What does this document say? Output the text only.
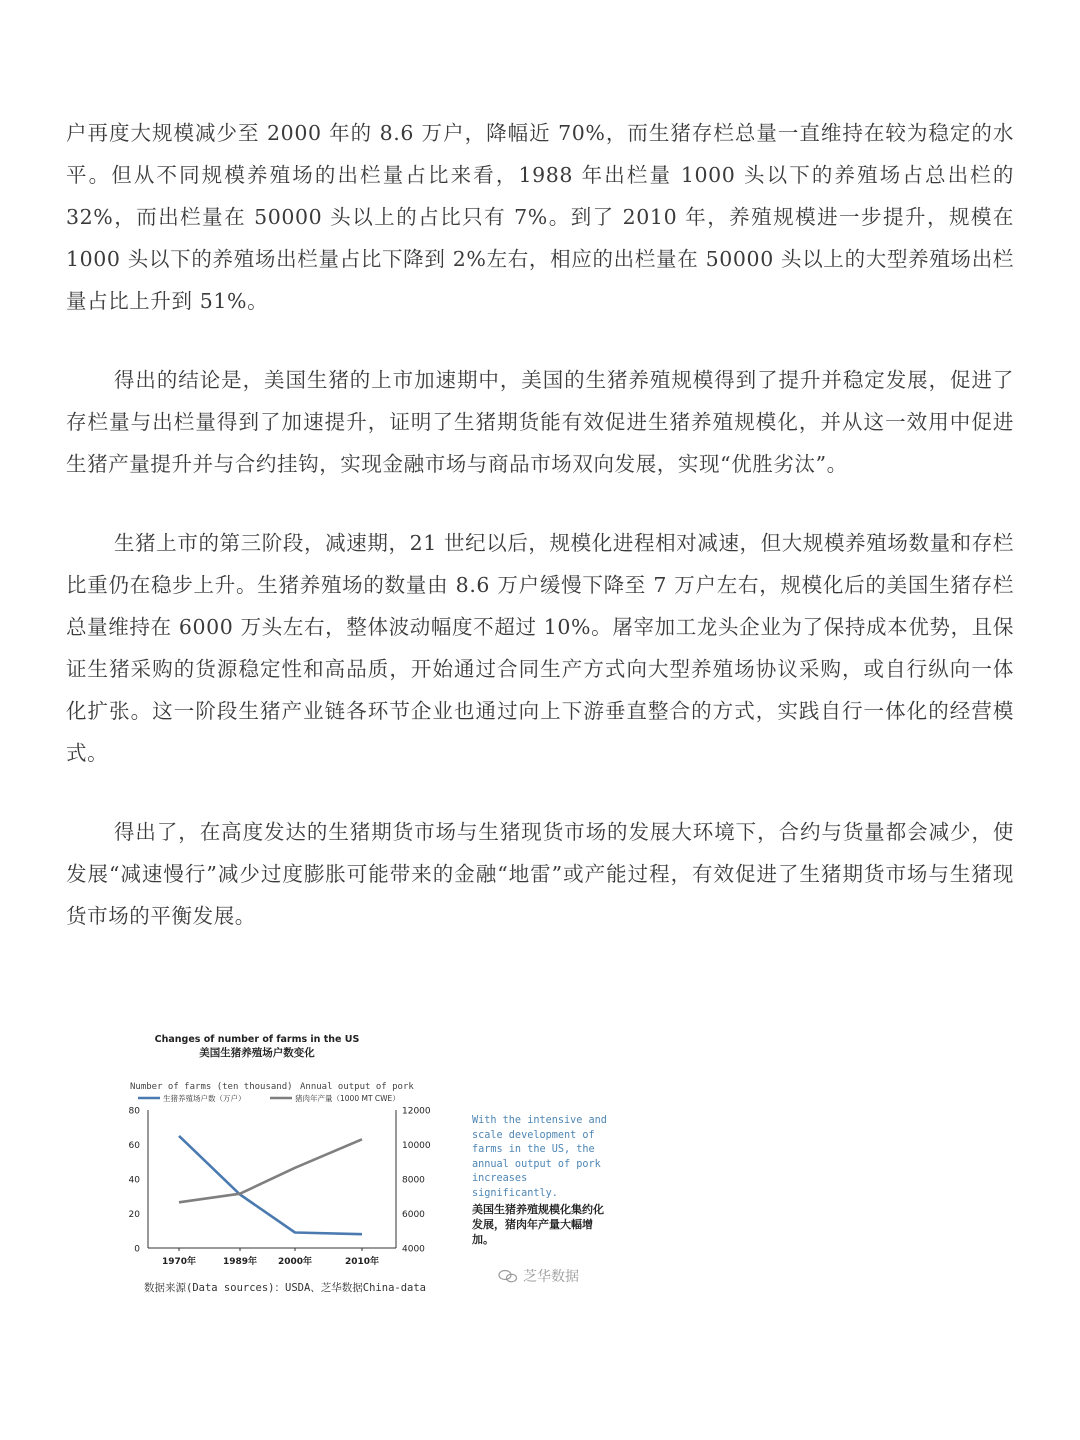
户再度大规模减少至 2000 年的 8.6 万户，降幅近 70%，而生猪存栏总量一直维持在较为稳定的水平。但从不同规模养殖场的出栏量占比来看，1988 年出栏量 1000 头以下的养殖场占总出栏的 32%，而出栏量在 50000 头以上的占比只有 7%。到了 2010 年，养殖规模进一步提升，规模在 1000 头以下的养殖场出栏量占比下降到 2%左右，相应的出栏量在 50000 头以上的大型养殖场出栏量占比上升到 51%。

得出的结论是，美国生猪的上市加速期中，美国的生猪养殖规模得到了提升并稳定发展，促进了存栏量与出栏量得到了加速提升，证明了生猪期货能有效促进生猪养殖规模化，并从这一效用中促进生猪产量提升并与合约挂钩，实现金融市场与商品市场双向发展，实现“优胜劣汰”。

生猪上市的第三阶段，减速期，21 世纪以后，规模化进程相对减速，但大规模养殖场数量和存栏比重仍在稳步上升。生猪养殖场的数量由 8.6 万户缓慢下降至 7 万户左右，规模化后的美国生猪存栏总量维持在 6000 万头左右，整体波动幅度不超过 10%。屠宰加工龙头企业为了保持成本优势，且保证生猪采购的货源稳定性和高品质，开始通过合同生产方式向大型养殖场协议采购，或自行纵向一体化扩张。这一阶段生猪产业链各环节企业也通过向上下游垂直整合的方式，实践自行一体化的经营模式。

得出了，在高度发达的生猪期货市场与生猪现货市场的发展大环境下，合约与货量都会减少，使发展“减速慢行”减少过度膨胀可能带来的金融“地雷”或产能过程，有效促进了生猪期货市场与生猪现货市场的平衡发展。

Changes of number of farms in the US
美国生猪养殖场户数变化
Number of farms (ten thousand) Annual output of pork
生猪养殖场户数（万户）	猪肉年产量（1000 MT CWE）
80
60
40
20
0
12000
10000
8000
6000
4000
1970年	1989年 2000年	2010年
With the intensive and scale development of farms in the US, the annual output of pork increases significantly.
美国生猪养殖规模化集约化发展，猪肉年产量大幅增加。
芝华数据
数据来源(Data sources)：USDA、芝华数据China-data
